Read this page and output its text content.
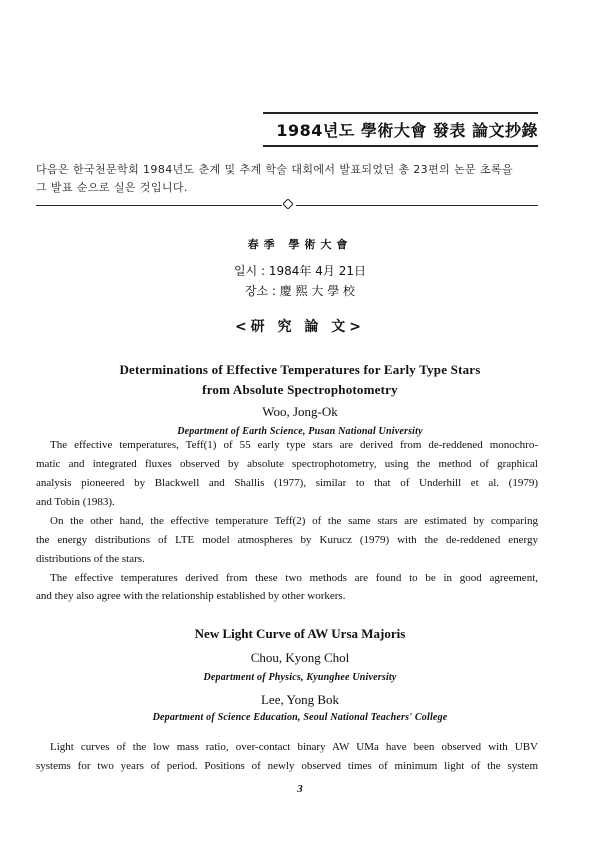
1984년도 學術大會 發表 論文抄錄
다음은 한국천문학회 1984년도 춘계 및 추계 학술 대회에서 발표되었던 총 23편의 논문 초록을
그 발표 순으로 실은 것입니다.
春季 學術大會
일시 : 1984年 4月 21日
장소 : 慶 熙 大 學 校
<研 究 論 文>
Determinations of Effective Temperatures for Early Type Stars
from Absolute Spectrophotometry
Woo, Jong-Ok
Department of Earth Science, Pusan National University
The effective temperatures, Teff(1) of 55 early type stars are derived from de-reddened monochro-
matic and integrated fluxes observed by absolute spectrophotometry, using the method of graphical
analysis pioneered by Blackwell and Shallis (1977), similar to that of Underhill et al. (1979)
and Tobin (1983).
On the other hand, the effective temperature Teff(2) of the same stars are estimated by comparing
the energy distributions of LTE model atmospheres by Kurucz (1979) with the de-reddened energy
distributions of the stars.
The effective temperatures derived from these two methods are found to be in good agreement,
and they also agree with the relationship established by other workers.
New Light Curve of AW Ursa Majoris
Chou, Kyong Chol
Department of Physics, Kyunghee University
Lee, Yong Bok
Department of Science Education, Seoul National Teachers' College
Light curves of the low mass ratio, over-contact binary AW UMa have been observed with UBV
systems for two years of period. Positions of newly observed times of minimum light of the system
3
